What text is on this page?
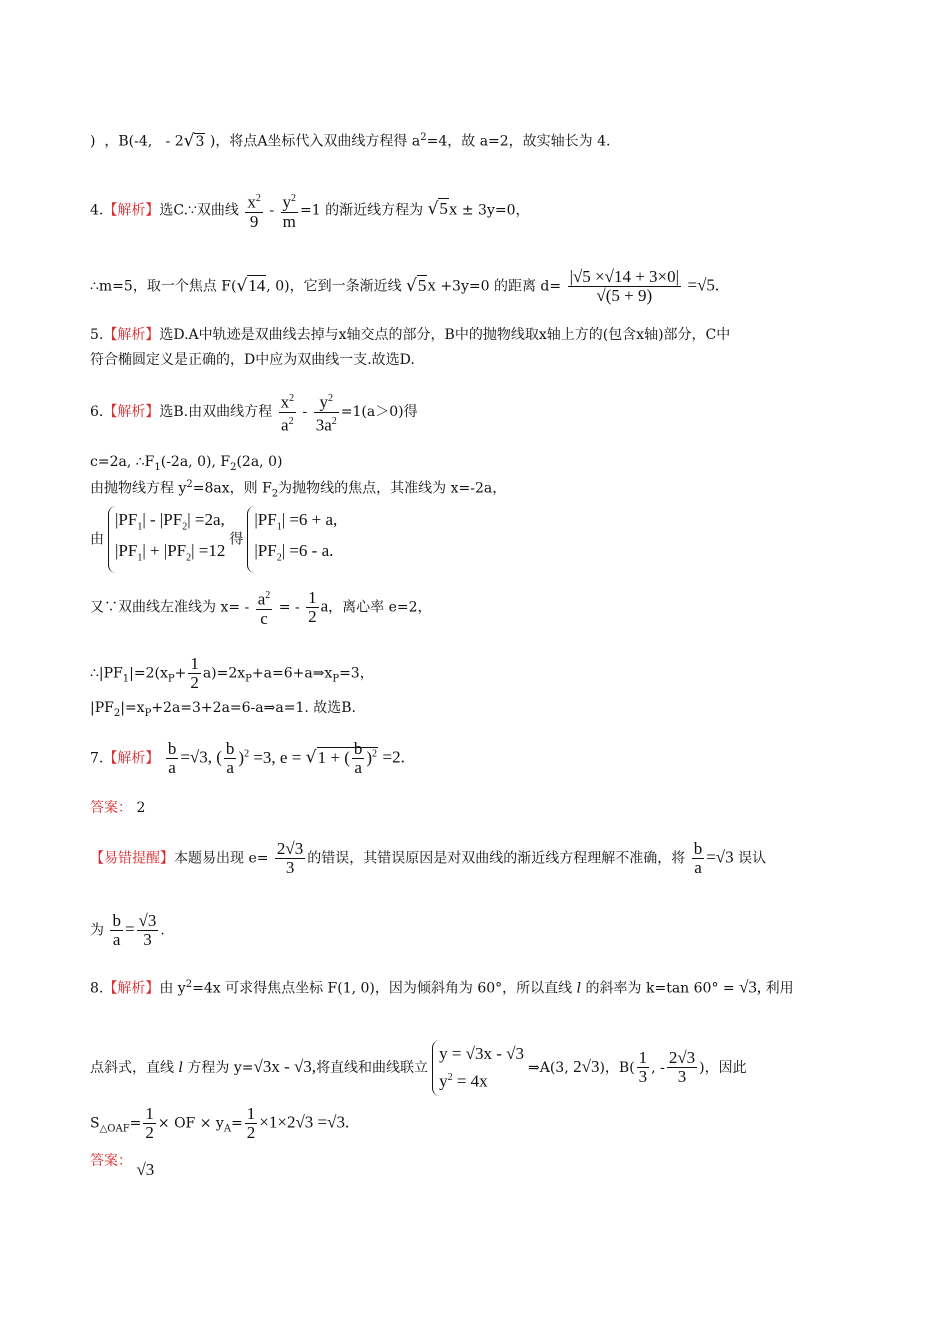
)  ，B(-4,   - 2√3 )，将点A坐标代入双曲线方程得 $a^2=4$，故 a=2，故实轴长为 4.
4.【解析】选C.∵双曲线 $\frac{x^2}{9} - \frac{y^2}{m} =1$ 的渐近线方程为 √5x ± 3y=0，
∴m=5，取一个焦点 F(√14, 0)，它到一条渐近线 √5x +3y=0 的距离 $d= \frac{|√5 \times√14 + 3\times 0|}{√(5 + 9)} =√5$.
5.【解析】选D.A中轨迹是双曲线去掉与x轴交点的部分，B中的抛物线取x轴上方的(包含x轴)部分，C中
符合椭圆定义是正确的，D中应为双曲线一支.故选D.
6.【解析】选B.由双曲线方程 $\frac{x^2}{a^2} - \frac{y^2}{3a^2} =1(a>0)$得
c=2a, $\therefore F_1(-2a$, 0), $F_2(2a$, 0)
由抛物线方程 $y^2=8ax$，则 $F_2$为抛物线的焦点，其准线为 x=-2a，
由
$|PF_1| - |PF_2| =2a$,
$|PF_1| + |PF_2| =12$
得
$|PF_1| =6 + a$,
$|PF_2| =6 - a$.
又∵双曲线左准线为 $x= - \frac{a^2}{c}$ = - $\frac{1}{2}$ a，离心率 e=2，
$\therefore|PF_1|=2(x_P+ \frac{1}{2}$ $a)=2x_P+a=6+a\Rightarrow x_P=3$，
$|PF_2|=x_P+2a=3+2a=6-a\Rightarrow a=1$. 故选B.
7.【解析】 $\frac{b}{a} =√3$, ( $\frac{b}{a} )^2 =3$, e = √1 + ( $\frac{b}{a} )^2 =2$.
答案： 2
【易错提醒】本题易出现 $e= \frac{2√3}{3}$ 的错误，其错误原因是对双曲线的渐近线方程理解不准确，将 $\frac{b}{a} =√3$ 误认
为 $\frac{b}{a} = \frac{√3}{3}$ .
8.【解析】由 $y^2=4x$ 可求得焦点坐标 F(1, 0)，因为倾斜角为 60°，所以直线 l 的斜率为 k=tan 60° = √3, 利用
点斜式，直线 l 方程为 y=√3x - √3,将直线和曲线联立
y = √3x - √3
$y^2 = 4x$
⇒A(3, 2√3)，$B( \frac{1}{3}$ , - $\frac{2√3}{3}$ )，因此
$S_{\triangle OAF}= \frac{1}{2}$ × OF × $y_A= \frac{1}{2} \times 1\times 2√3 =√3$.
答案： √3
